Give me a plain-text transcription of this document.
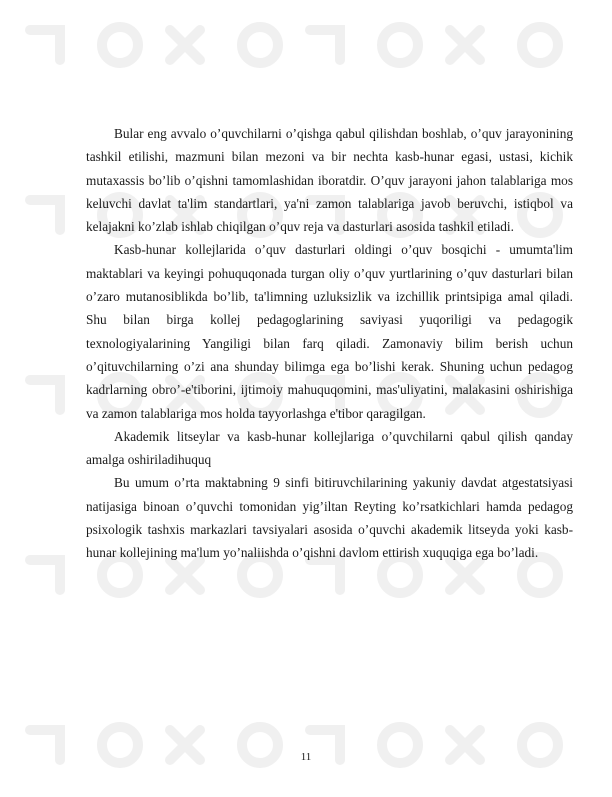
Bular eng avvalo o’quvchilarni o’qishga qabul qilishdan boshlab, o’quv jarayonining tashkil etilishi, mazmuni bilan mezoni va bir nechta kasb-hunar egasi, ustasi, kichik mutaxassis bo’lib o’qishni tamomlashidan iboratdir. O’quv jarayoni jahon talablariga mos keluvchi davlat ta'lim standartlari, ya'ni zamon talablariga javob beruvchi, istiqbol va kelajakni ko’zlab ishlab chiqilgan o’quv reja va dasturlari asosida tashkil etiladi.

Kasb-hunar kollejlarida o’quv dasturlari oldingi o’quv bosqichi - umumta'lim maktablari va keyingi pohuquqonada turgan oliy o’quv yurtlarining o’quv dasturlari bilan o’zaro mutanosiblikda bo’lib, ta'limning uzluksizlik va izchillik printsipiga amal qiladi. Shu bilan birga kollej pedagoglarining saviyasi yuqoriligi va pedagogik texnologiyalarining Yangiligi bilan farq qiladi. Zamonaviy bilim berish uchun o’qituvchilarning o’zi ana shunday bilimga ega bo’lishi kerak. Shuning uchun pedagog kadrlarning obro’-e'tiborini, ijtimoiy mahuquqomini, mas'uliyatini, malakasini oshirishiga va zamon talablariga mos holda tayyorlashga e'tibor qaragilgan.

Akademik litseylar va kasb-hunar kollejlariga o’quvchilarni qabul qilish qanday amalga oshiriladihuquq

Bu umum o’rta maktabning 9 sinfi bitiruvchilarining yakuniy davdat atgestatsiyasi natijasiga binoan o’quvchi tomonidan yig’iltan Reyting ko’rsatkichlari hamda pedagog psixologik tashxis markazlari tavsiyalari asosida o’quvchi akademik litseyda yoki kasb-hunar kollejining ma'lum yo’naliishda o’qishni davlom ettirish xuquqiga ega bo’ladi.

11
